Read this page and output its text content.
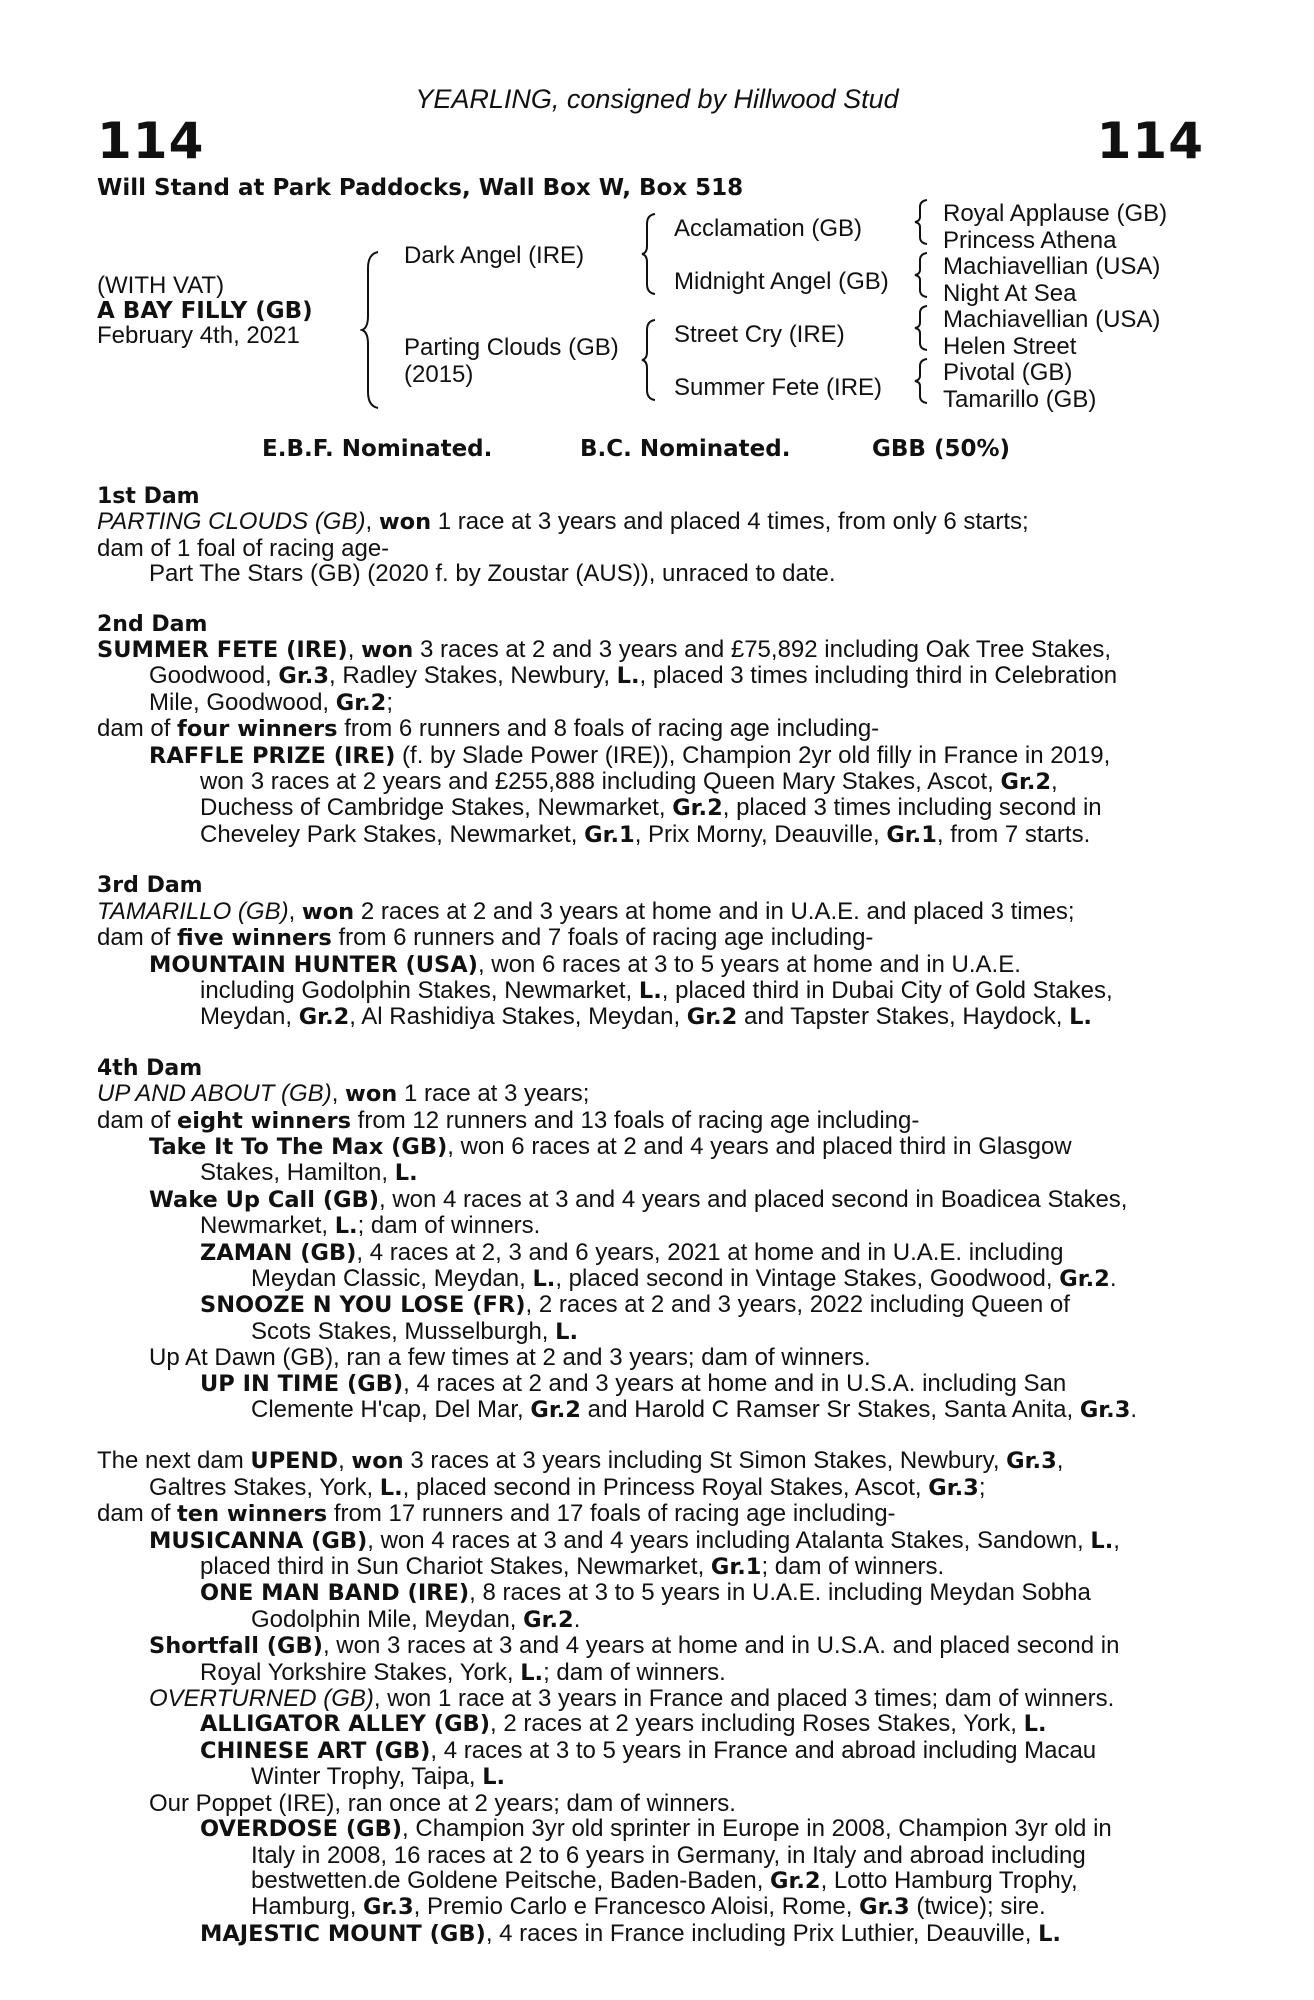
YEARLING, consigned by Hillwood Stud
114	114
Will Stand at Park Paddocks, Wall Box W, Box 518
(WITH VAT)
A BAY FILLY (GB)
February 4th, 2021
Dark Angel (IRE)
Parting Clouds (GB)
(2015)
Acclamation (GB)
Midnight Angel (GB)
Street Cry (IRE)
Summer Fete (IRE)
Royal Applause (GB)
Princess Athena
Machiavellian (USA)
Night At Sea
Machiavellian (USA)
Helen Street
Pivotal (GB)
Tamarillo (GB)
E.B.F. Nominated.	B.C. Nominated.	GBB (50%)
1st Dam
PARTING CLOUDS (GB), won 1 race at 3 years and placed 4 times, from only 6 starts;
dam of 1 foal of racing age-
Part The Stars (GB) (2020 f. by Zoustar (AUS)), unraced to date.
2nd Dam
SUMMER FETE (IRE), won 3 races at 2 and 3 years and £75,892 including Oak Tree Stakes,
Goodwood, Gr.3, Radley Stakes, Newbury, L., placed 3 times including third in Celebration
Mile, Goodwood, Gr.2;
dam of four winners from 6 runners and 8 foals of racing age including-
RAFFLE PRIZE (IRE) (f. by Slade Power (IRE)), Champion 2yr old filly in France in 2019,
won 3 races at 2 years and £255,888 including Queen Mary Stakes, Ascot, Gr.2,
Duchess of Cambridge Stakes, Newmarket, Gr.2, placed 3 times including second in
Cheveley Park Stakes, Newmarket, Gr.1, Prix Morny, Deauville, Gr.1, from 7 starts.
3rd Dam
TAMARILLO (GB), won 2 races at 2 and 3 years at home and in U.A.E. and placed 3 times;
dam of five winners from 6 runners and 7 foals of racing age including-
MOUNTAIN HUNTER (USA), won 6 races at 3 to 5 years at home and in U.A.E.
including Godolphin Stakes, Newmarket, L., placed third in Dubai City of Gold Stakes,
Meydan, Gr.2, Al Rashidiya Stakes, Meydan, Gr.2 and Tapster Stakes, Haydock, L.
4th Dam
UP AND ABOUT (GB), won 1 race at 3 years;
dam of eight winners from 12 runners and 13 foals of racing age including-
Take It To The Max (GB), won 6 races at 2 and 4 years and placed third in Glasgow
Stakes, Hamilton, L.
Wake Up Call (GB), won 4 races at 3 and 4 years and placed second in Boadicea Stakes,
Newmarket, L.; dam of winners.
ZAMAN (GB), 4 races at 2, 3 and 6 years, 2021 at home and in U.A.E. including
Meydan Classic, Meydan, L., placed second in Vintage Stakes, Goodwood, Gr.2.
SNOOZE N YOU LOSE (FR), 2 races at 2 and 3 years, 2022 including Queen of
Scots Stakes, Musselburgh, L.
Up At Dawn (GB), ran a few times at 2 and 3 years; dam of winners.
UP IN TIME (GB), 4 races at 2 and 3 years at home and in U.S.A. including San
Clemente H'cap, Del Mar, Gr.2 and Harold C Ramser Sr Stakes, Santa Anita, Gr.3.
The next dam UPEND, won 3 races at 3 years including St Simon Stakes, Newbury, Gr.3,
Galtres Stakes, York, L., placed second in Princess Royal Stakes, Ascot, Gr.3;
dam of ten winners from 17 runners and 17 foals of racing age including-
MUSICANNA (GB), won 4 races at 3 and 4 years including Atalanta Stakes, Sandown, L.,
placed third in Sun Chariot Stakes, Newmarket, Gr.1; dam of winners.
ONE MAN BAND (IRE), 8 races at 3 to 5 years in U.A.E. including Meydan Sobha
Godolphin Mile, Meydan, Gr.2.
Shortfall (GB), won 3 races at 3 and 4 years at home and in U.S.A. and placed second in
Royal Yorkshire Stakes, York, L.; dam of winners.
OVERTURNED (GB), won 1 race at 3 years in France and placed 3 times; dam of winners.
ALLIGATOR ALLEY (GB), 2 races at 2 years including Roses Stakes, York, L.
CHINESE ART (GB), 4 races at 3 to 5 years in France and abroad including Macau
Winter Trophy, Taipa, L.
Our Poppet (IRE), ran once at 2 years; dam of winners.
OVERDOSE (GB), Champion 3yr old sprinter in Europe in 2008, Champion 3yr old in
Italy in 2008, 16 races at 2 to 6 years in Germany, in Italy and abroad including
bestwetten.de Goldene Peitsche, Baden-Baden, Gr.2, Lotto Hamburg Trophy,
Hamburg, Gr.3, Premio Carlo e Francesco Aloisi, Rome, Gr.3 (twice); sire.
MAJESTIC MOUNT (GB), 4 races in France including Prix Luthier, Deauville, L.
